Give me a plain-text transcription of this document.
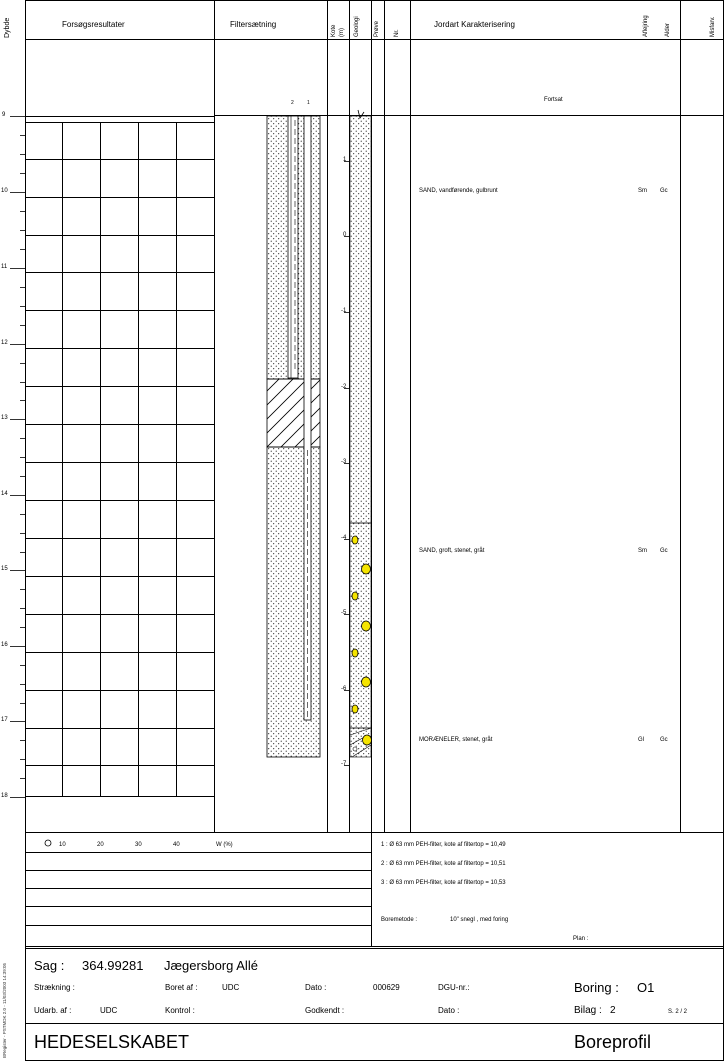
Dybde	Forsøgsresultater	Filtersætning
Kote (m) Geologi Prøve Nr.
Jordart Karakterisering	Aflejring	Alder	Misfarv.
Fortsat
2	1
9
10
11
12
13
14
15
16
17
18
1
0
-1
-2
-3
-4
-5
-6
-7
SAND, vandførende, gulbrunt	Sm Gc
SAND, groft, stenet, gråt	Sm Gc
MORÆNELER, stenet, gråt	Gl	Gc
10	20	30	40	W (%)	1 : Ø 63 mm PEH-filter, kote af filtertop = 10,49
2 : Ø 63 mm PEH-filter, kote af filtertop = 10,51
3 : Ø 63 mm PEH-filter, kote af filtertop = 10,53
Boremetode :	10" snegl , med foring
Plan :
Sag : 364.99281 Jægersborg Allé
Strækning :	Boret af :	UDC	Dato :	000629	DGU-nr.:	Boring : O1
Udarb. af :	UDC	Kontrol :	Godkendt :	Dato :	Bilag : 2	S. 2 / 2
HEDESELSKABET	Boreprofil
BRegister - PSTMDK 2.0 - 11/03/2003 14:39:05
